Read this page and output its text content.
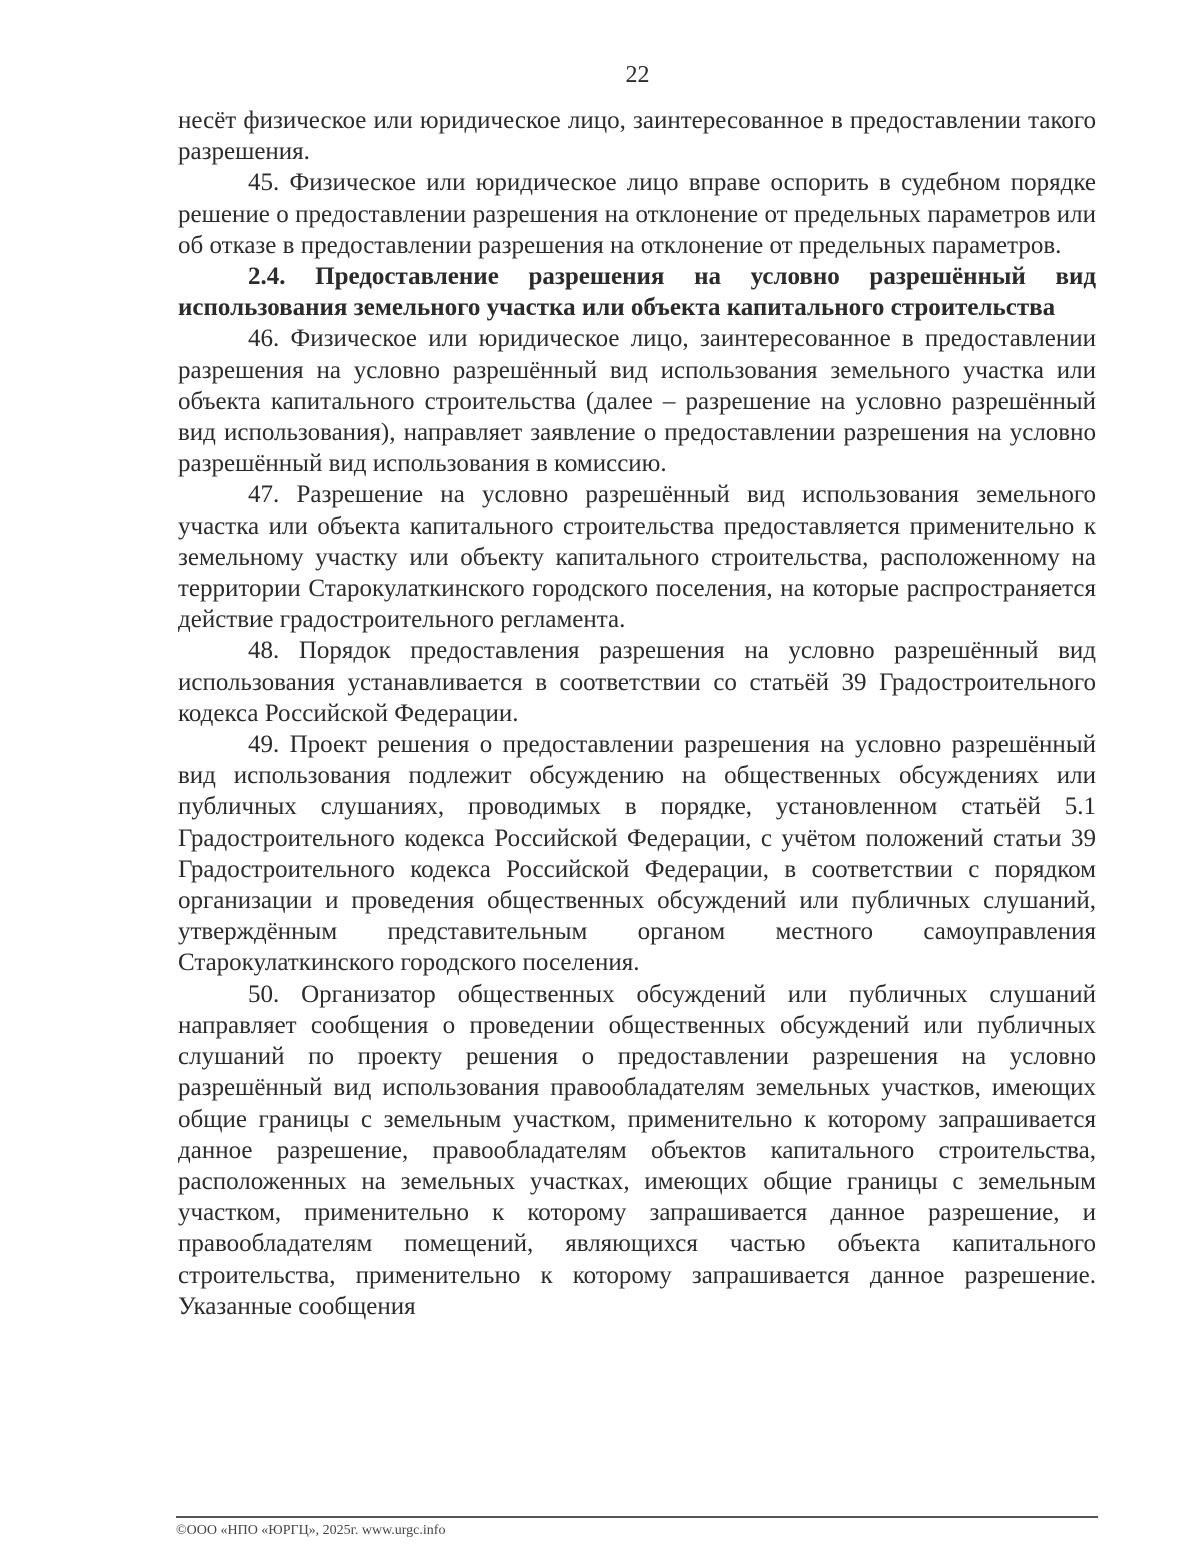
22

несёт физическое или юридическое лицо, заинтересованное в предоставлении такого разрешения.

45. Физическое или юридическое лицо вправе оспорить в судебном порядке решение о предоставлении разрешения на отклонение от предельных параметров или об отказе в предоставлении разрешения на отклонение от предельных параметров.

2.4. Предоставление разрешения на условно разрешённый вид использования земельного участка или объекта капитального строительства

46. Физическое или юридическое лицо, заинтересованное в предоставлении разрешения на условно разрешённый вид использования земельного участка или объекта капитального строительства (далее – разрешение на условно разрешённый вид использования), направляет заявление о предоставлении разрешения на условно разрешённый вид использования в комиссию.

47. Разрешение на условно разрешённый вид использования земельного участка или объекта капитального строительства предоставляется применительно к земельному участку или объекту капитального строительства, расположенному на территории Старокулаткинского городского поселения, на которые распространяется действие градостроительного регламента.

48. Порядок предоставления разрешения на условно разрешённый вид использования устанавливается в соответствии со статьёй 39 Градостроительного кодекса Российской Федерации.

49. Проект решения о предоставлении разрешения на условно разрешённый вид использования подлежит обсуждению на общественных обсуждениях или публичных слушаниях, проводимых в порядке, установленном статьёй 5.1 Градостроительного кодекса Российской Федерации, с учётом положений статьи 39 Градостроительного кодекса Российской Федерации, в соответствии с порядком организации и проведения общественных обсуждений или публичных слушаний, утверждённым представительным органом местного самоуправления Старокулаткинского городского поселения.

50. Организатор общественных обсуждений или публичных слушаний направляет сообщения о проведении общественных обсуждений или публичных слушаний по проекту решения о предоставлении разрешения на условно разрешённый вид использования правообладателям земельных участков, имеющих общие границы с земельным участком, применительно к которому запрашивается данное разрешение, правообладателям объектов капитального строительства, расположенных на земельных участках, имеющих общие границы с земельным участком, применительно к которому запрашивается данное разрешение, и правообладателям помещений, являющихся частью объекта капитального строительства, применительно к которому запрашивается данное разрешение. Указанные сообщения

©ООО «НПО «ЮРГЦ», 2025г. www.urgc.info
